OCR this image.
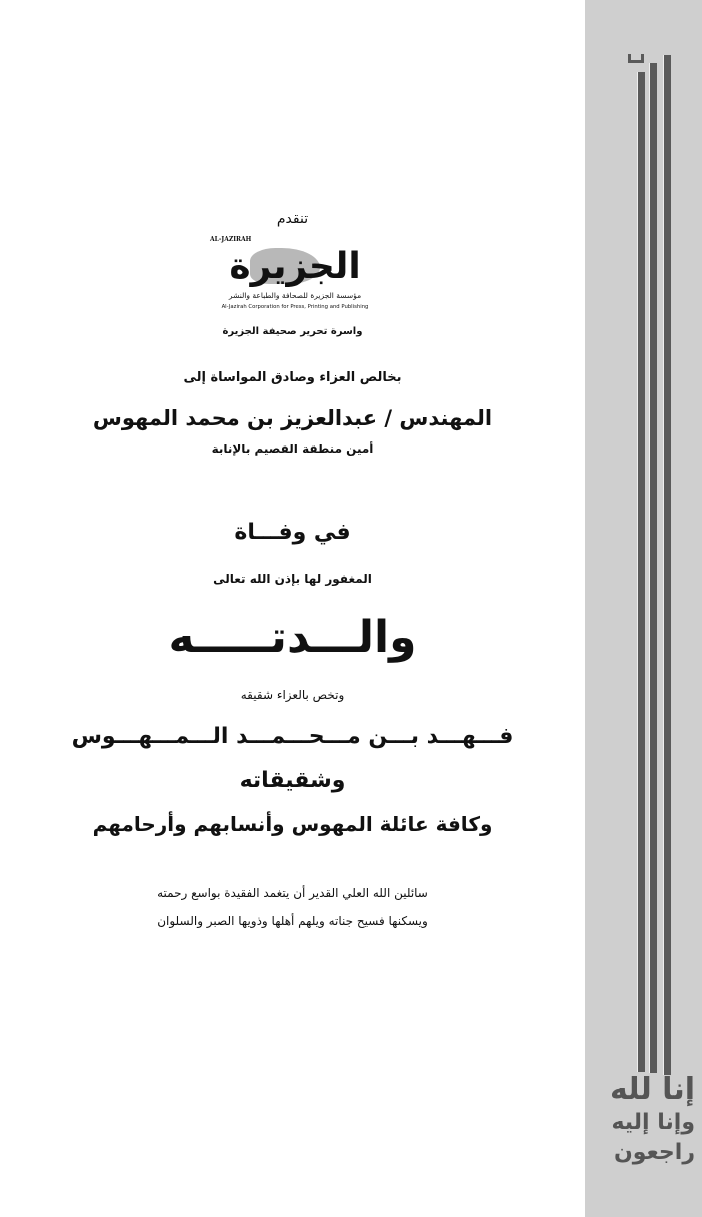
تنقدم
AL-JAZIRAH
الجزيرة
مؤسسة الجزيرة للصحافة والطباعة والنشر
Al-Jazirah Corporation for Press, Printing and Publishing
واسرة تحرير صحيفة الجزيرة
بخالص العزاء وصادق المواساة إلى
المهندس / عبدالعزيز بن محمد المهوس
أمين منطقة القصيم بالإنابة
في وفـــاة
المغفور لها بإذن الله تعالى
والـــدتـــــه
وتخص بالعزاء شقيقه
فـــهـــد بـــن مـــحـــمـــد الـــمـــهـــوس
وشقيقاته
وكافة عائلة المهوس وأنسابهم وأرحامهم
سائلين الله العلي القدير أن يتغمد الفقيدة بواسع رحمته
ويسكنها فسيح جناته ويلهم أهلها وذويها الصبر والسلوان
إنا لله
وإنا إليه
راجعون
